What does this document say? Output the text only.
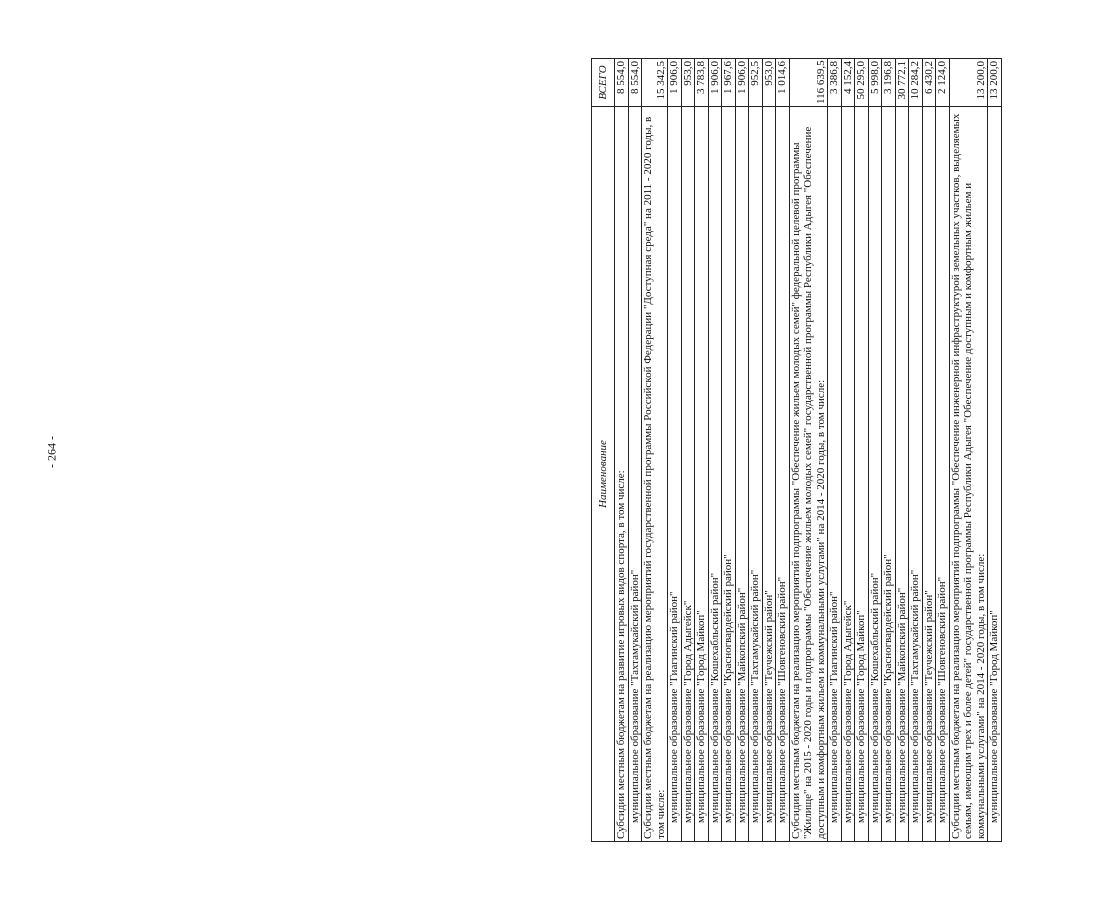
- 264 -	Наименование	ВСЕГО
Субсидии местным бюджетам на развитие игровых видов спорта, в том числе:	8 554,0
муниципальное образование "Тахтамукайский район"	8 554,0
Субсидии местным бюджетам на реализацию мероприятий государственной программы Российской Федерации "Доступная среда" на 2011 - 2020 годы, в том числе:	15 342,5
муниципальное образование "Гиагинский район"	1 906,0
муниципальное образование "Город Адыгейск"	953,0
муниципальное образование "Город Майкоп"	3 783,8
муниципальное образование "Кошехабльский район"	1 906,0
муниципальное образование "Красногвардейский район"	1 967,6
муниципальное образование "Майкопский район"	1 906,0
муниципальное образование "Тахтамукайский район"	952,5
муниципальное образование "Теучежский район"	953,0
муниципальное образование "Шовгеновский район"	1 014,6
Субсидии местным бюджетам на реализацию мероприятий подпрограммы "Обеспечение жильем молодых семей" федеральной целевой программы "Жилище" на 2015 - 2020 годы и подпрограммы "Обеспечение жильем молодых семей" государственной программы Республики Адыгея "Обеспечение доступным и комфортным жильем и коммунальными услугами" на 2014 - 2020 годы, в том числе:	116 639,5
муниципальное образование "Гиагинский район"	3 386,8
муниципальное образование "Город Адыгейск"	4 152,4
муниципальное образование "Город Майкоп"	50 295,0
муниципальное образование "Кошехабльский район"	5 998,0
муниципальное образование "Красногвардейский район"	3 196,8
муниципальное образование "Майкопский район"	30 772,1
муниципальное образование "Тахтамукайский район"	10 284,2
муниципальное образование "Теучежский район"	6 430,2
муниципальное образование "Шовгеновский район"	2 124,0
Субсидии местным бюджетам на реализацию мероприятий подпрограммы "Обеспечение инженерной инфраструктурой земельных участков, выделяемых семьям, имеющим трех и более детей" государственной программы Республики Адыгея "Обеспечение доступным и комфортным жильем и коммунальными услугами" на 2014 - 2020 годы, в том числе:	13 200,0
муниципальное образование "Город Майкоп"	13 200,0
